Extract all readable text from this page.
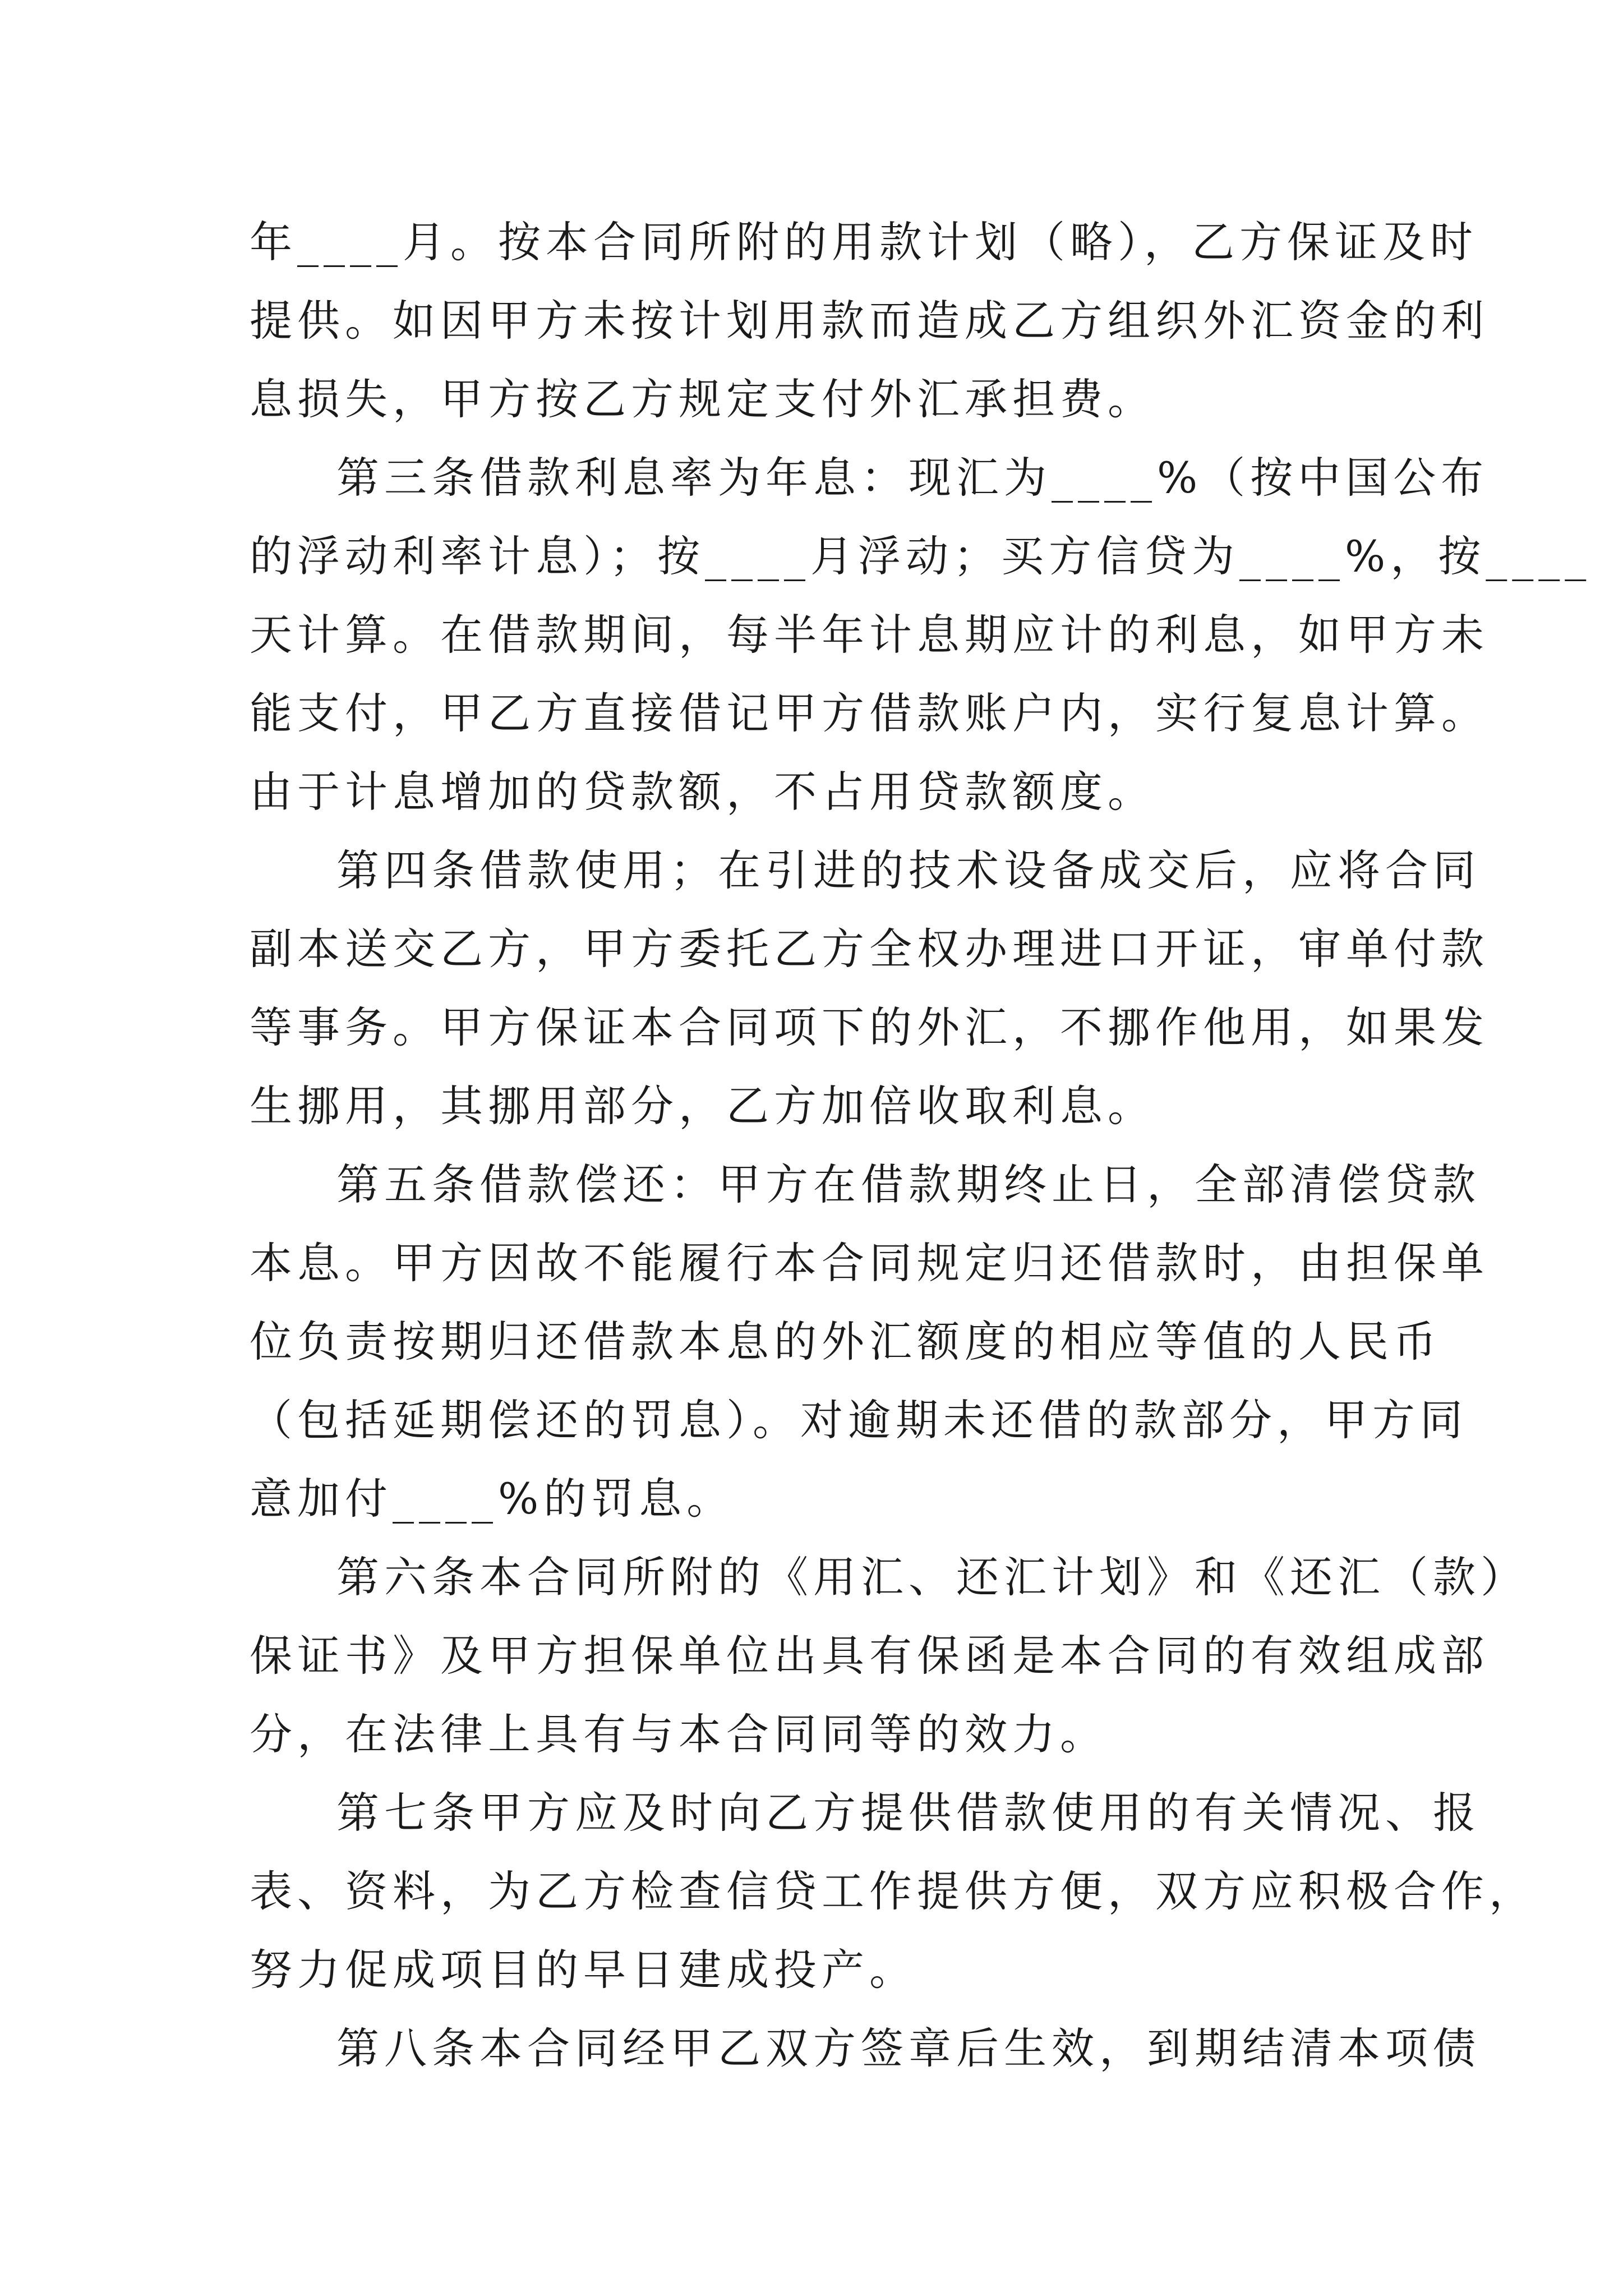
年____月。按本合同所附的用款计划（略），乙方保证及时
提供。如因甲方未按计划用款而造成乙方组织外汇资金的利
息损失，甲方按乙方规定支付外汇承担费。
第三条借款利息率为年息：现汇为____%（按中国公布
的浮动利率计息）；按____月浮动；买方信贷为____%，按____
天计算。在借款期间，每半年计息期应计的利息，如甲方未
能支付，甲乙方直接借记甲方借款账户内，实行复息计算。
由于计息增加的贷款额，不占用贷款额度。
第四条借款使用；在引进的技术设备成交后，应将合同
副本送交乙方，甲方委托乙方全权办理进口开证，审单付款
等事务。甲方保证本合同项下的外汇，不挪作他用，如果发
生挪用，其挪用部分，乙方加倍收取利息。
第五条借款偿还：甲方在借款期终止日，全部清偿贷款
本息。甲方因故不能履行本合同规定归还借款时，由担保单
位负责按期归还借款本息的外汇额度的相应等值的人民币
（包括延期偿还的罚息）。对逾期未还借的款部分，甲方同
意加付____%的罚息。
第六条本合同所附的《用汇、还汇计划》和《还汇（款）
保证书》及甲方担保单位出具有保函是本合同的有效组成部
分，在法律上具有与本合同同等的效力。
第七条甲方应及时向乙方提供借款使用的有关情况、报
表、资料，为乙方检查信贷工作提供方便，双方应积极合作，
努力促成项目的早日建成投产。
第八条本合同经甲乙双方签章后生效，到期结清本项债
